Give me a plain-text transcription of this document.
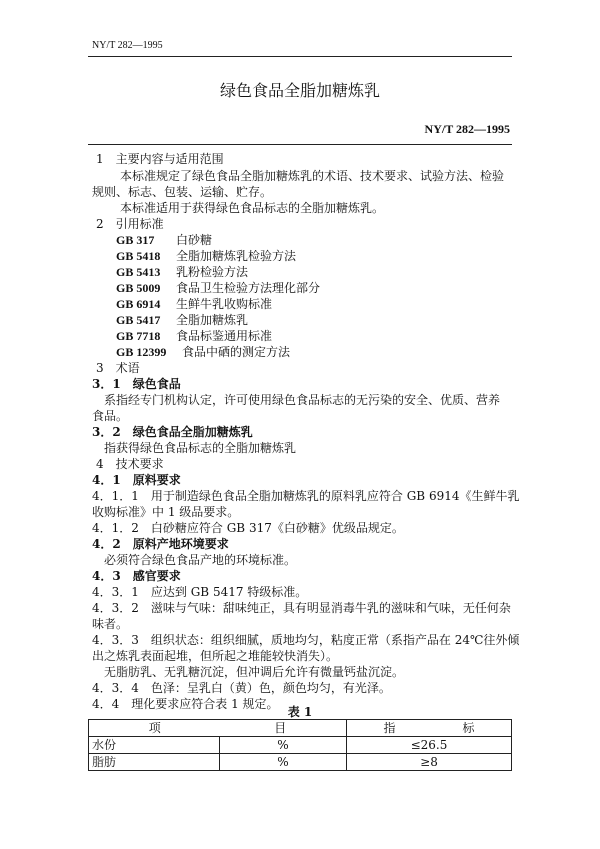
NY/T 282—1995
绿色食品全脂加糖炼乳
NY/T 282—1995
1　主要内容与适用范围
本标准规定了绿色食品全脂加糖炼乳的术语、技术要求、试验方法、检验
规则、标志、包装、运输、贮存。
本标准适用于获得绿色食品标志的全脂加糖炼乳。
2　引用标准
GB 317 白砂糖
GB 5418 全脂加糖炼乳检验方法
GB 5413 乳粉检验方法
GB 5009 食品卫生检验方法理化部分
GB 6914 生鲜牛乳收购标准
GB 5417 全脂加糖炼乳
GB 7718 食品标鉴通用标准
GB 12399 食品中硒的测定方法
3　术语
3．1　绿色食品
系指经专门机构认定，许可使用绿色食品标志的无污染的安全、优质、营养
食品。
3．2　绿色食品全脂加糖炼乳
指获得绿色食品标志的全脂加糖炼乳
4　技术要求
4．1　原料要求
4．1．1　用于制造绿色食品全脂加糖炼乳的原料乳应符合 GB 6914《生鲜牛乳
收购标准》中 1 级品要求。
4．1．2　白砂糖应符合 GB 317《白砂糖》优级品规定。
4．2　原料产地环境要求
必须符合绿色食品产地的环境标准。
4．3　感官要求
4．3．1　应达到 GB 5417 特级标准。
4．3．2　滋味与气味：甜味纯正，具有明显消毒牛乳的滋味和气味，无任何杂
味者。
4．3．3　组织状态：组织细腻，质地均匀，粘度正常（系指产品在 24℃往外倾
出之炼乳表面起堆，但所起之堆能较快消失）。
无脂肪乳、无乳糖沉淀，但冲调后允许有微量钙盐沉淀。
4．3．4　色泽：呈乳白（黄）色，颜色均匀，有光泽。
4．4　理化要求应符合表 1 规定。
表 1
项 目		指 标

水份	%	≤26.5
脂肪	%	≥8
